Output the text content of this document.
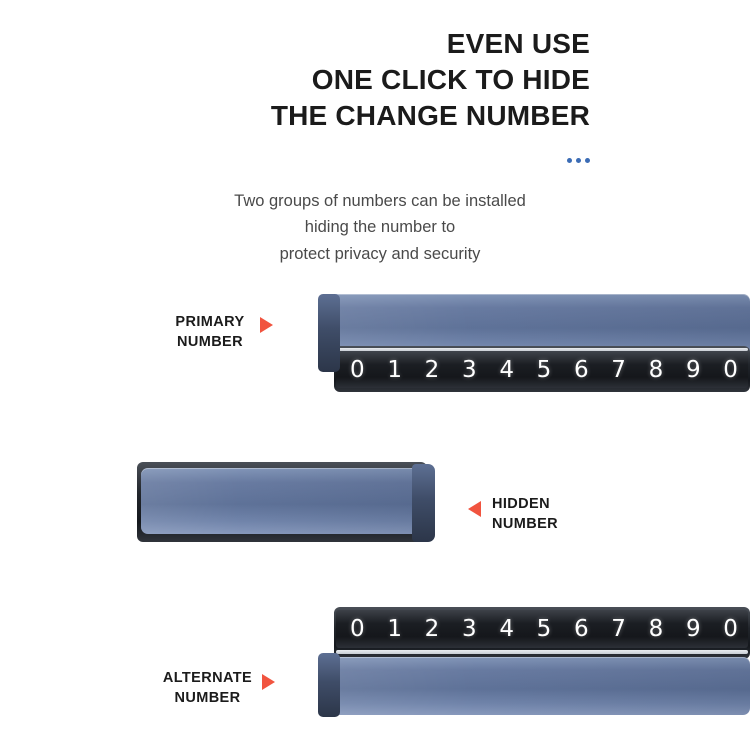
EVEN USE
ONE CLICK TO HIDE
THE CHANGE NUMBER
Two groups of numbers can be installed
hiding the number to
protect privacy and security
PRIMARY
NUMBER
0 1 2 3 4 5 6 7 8 9 0
HIDDEN
NUMBER
ALTERNATE
NUMBER
0 1 2 3 4 5 6 7 8 9 0
